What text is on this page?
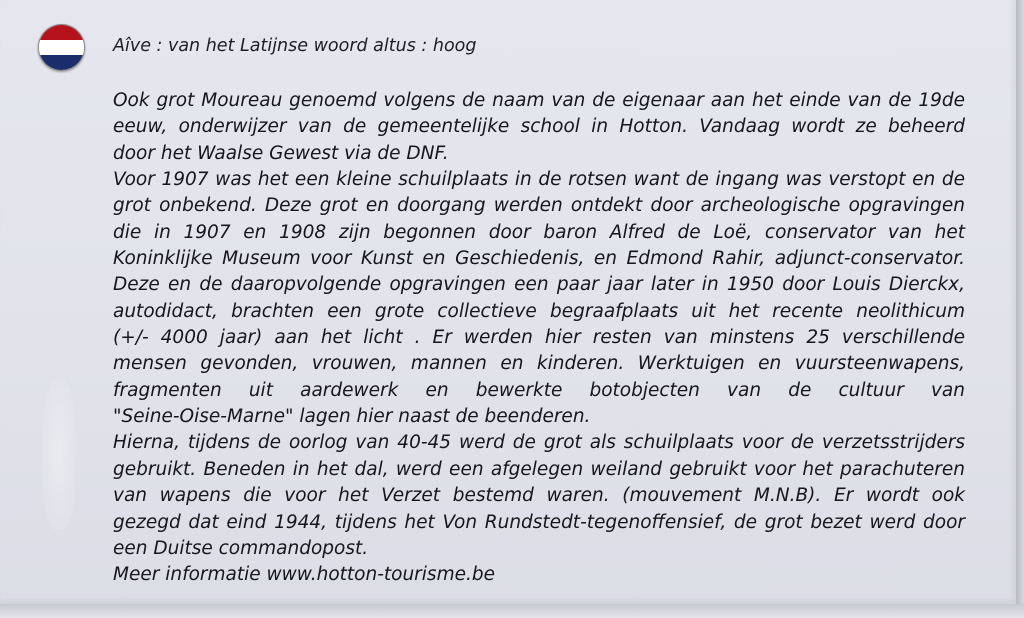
Aîve : van het Latijnse woord altus : hoog
Ook grot Moureau genoemd volgens de naam van de eigenaar aan het einde van de 19de
eeuw, onderwijzer van de gemeentelijke school in Hotton. Vandaag wordt ze beheerd
door het Waalse Gewest via de DNF.
Voor 1907 was het een kleine schuilplaats in de rotsen want de ingang was verstopt en de
grot onbekend. Deze grot en doorgang werden ontdekt door archeologische opgravingen
die in 1907 en 1908 zijn begonnen door baron Alfred de Loë, conservator van het
Koninklijke Museum voor Kunst en Geschiedenis, en Edmond Rahir, adjunct-conservator.
Deze en de daaropvolgende opgravingen een paar jaar later in 1950 door Louis Dierckx,
autodidact, brachten een grote collectieve begraafplaats uit het recente neolithicum
(+/- 4000 jaar) aan het licht . Er werden hier resten van minstens 25 verschillende
mensen gevonden, vrouwen, mannen en kinderen. Werktuigen en vuursteenwapens,
fragmenten uit aardewerk en bewerkte botobjecten van de cultuur van
"Seine-Oise-Marne" lagen hier naast de beenderen.
Hierna, tijdens de oorlog van 40-45 werd de grot als schuilplaats voor de verzetsstrijders
gebruikt. Beneden in het dal, werd een afgelegen weiland gebruikt voor het parachuteren
van wapens die voor het Verzet bestemd waren. (mouvement M.N.B). Er wordt ook
gezegd dat eind 1944, tijdens het Von Rundstedt-tegenoffensief, de grot bezet werd door
een Duitse commandopost.
Meer informatie www.hotton-tourisme.be
